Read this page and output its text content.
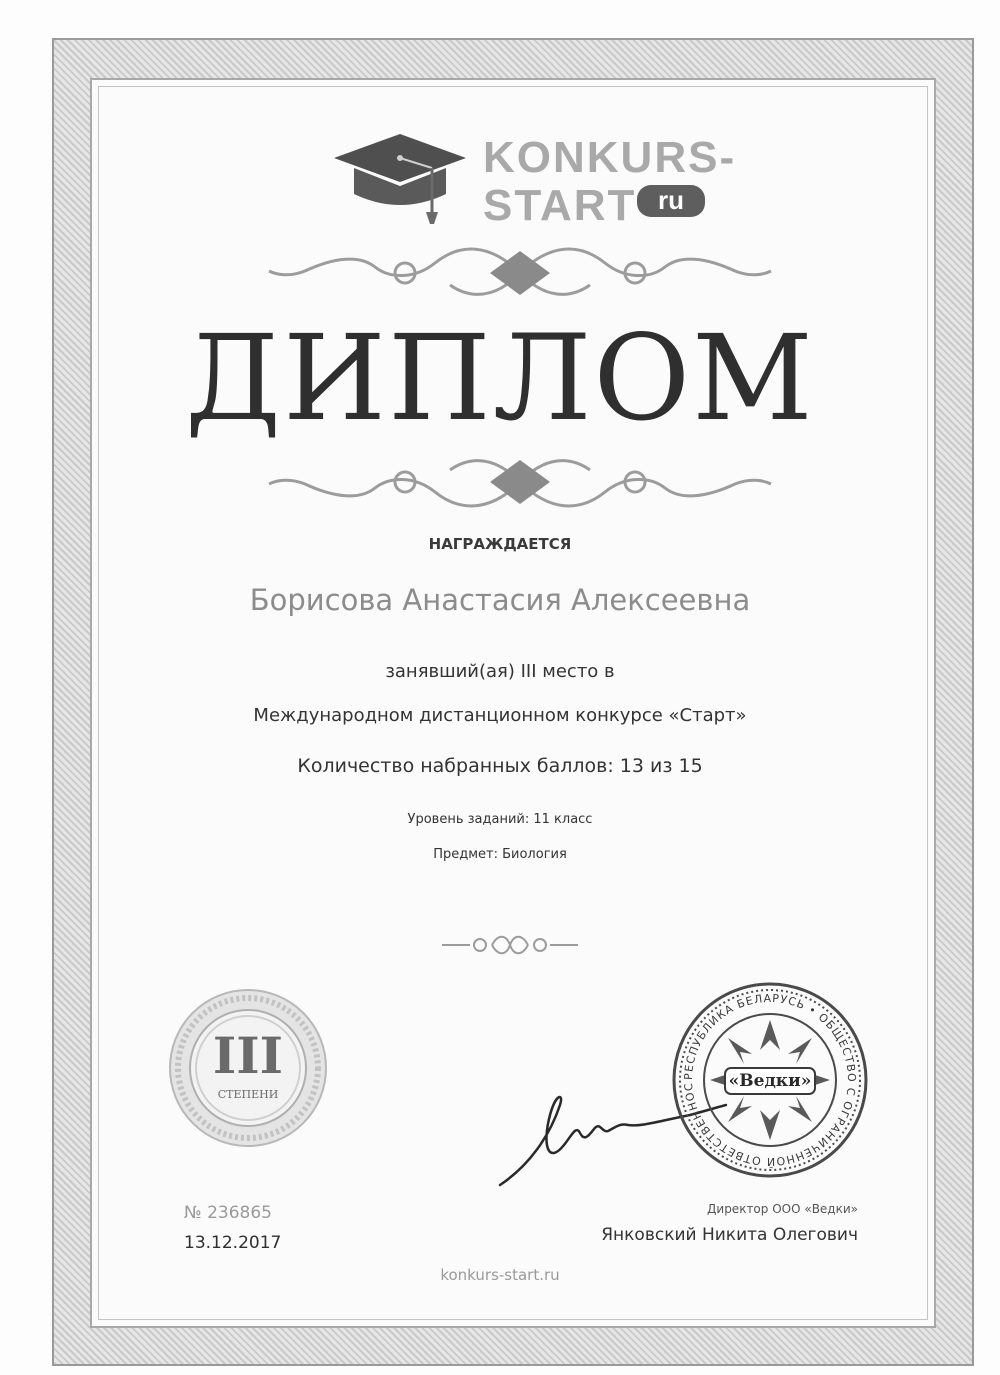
KONKURS-
START ru
ДИПЛОМ
НАГРАЖДАЕТСЯ
Борисова Анастасия Алексеевна
занявший(ая) III место в
Международном дистанционном конкурсе «Старт»
Количество набранных баллов: 13 из 15
Уровень заданий: 11 класс
Предмет: Биология
III
СТЕПЕНИ
РЕСПУБЛИКА БЕЛАРУСЬ • ОБЩЕСТВО С ОГРАНИЧЕННОЙ ОТВЕТСТВЕННОС	«Ведки»
№ 236865
13.12.2017
Директор ООО «Ведки»
Янковский Никита Олегович
konkurs-start.ru
